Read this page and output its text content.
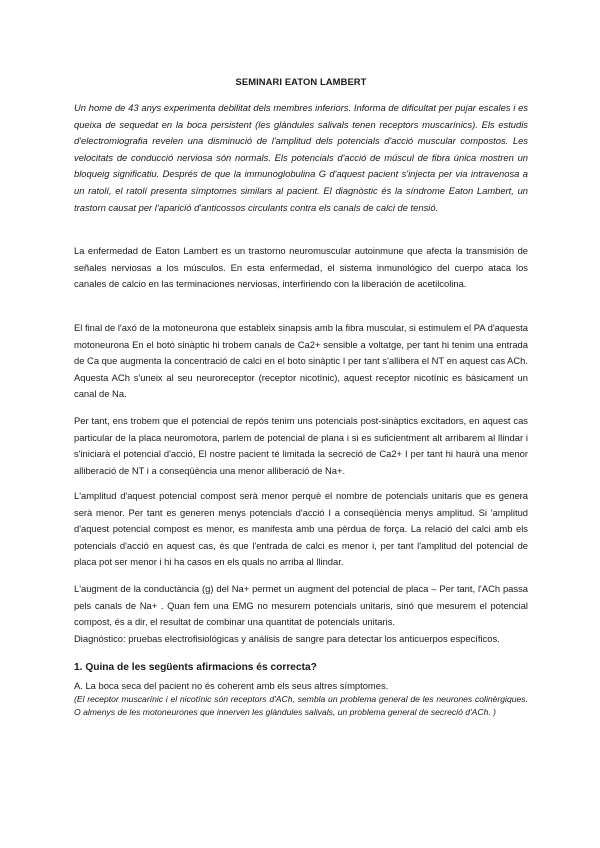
SEMINARI EATON LAMBERT

Un home de 43 anys experimenta debilitat dels membres inferiors. Informa de dificultat per pujar escales i es queixa de sequedat en la boca persistent (les glàndules salivals tenen receptors muscarínics). Els estudis d'electromiografia revelen una disminució de l'amplitud dels potencials d'acció muscular compostos. Les velocitats de conducció nerviosa són normals. Els potencials d'acció de múscul de fibra única mostren un bloqueig significatiu. Després de que la immunoglobulina G d'aquest pacient s'injecta per via intravenosa a un ratolí, el ratolí presenta símptomes similars al pacient. El diagnòstic és la síndrome Eaton Lambert, un trastorn causat per l'aparició d'anticossos circulants contra els canals de calci de tensió.

La enfermedad de Eaton Lambert es un trastorno neuromuscular autoinmune que afecta la transmisión de señales nerviosas a los músculos. En esta enfermedad, el sistema inmunológico del cuerpo ataca los canales de calcio en las terminaciones nerviosas, interfiriendo con la liberación de acetilcolina.

El final de l'axó de la motoneurona que estableix sinapsis amb la fibra muscular, si estimulem el PA d'aquesta motoneurona En el botó sinàptic hi trobem canals de Ca2+ sensible a voltatge, per tant hi tenim una entrada de Ca que augmenta la concentració de calci en el boto sinàptic I per tant s'allibera el NT en aquest cas ACh. Aquesta ACh s'uneix al seu neuroreceptor (receptor nicotínic), aquest receptor nicotínic es bàsicament un canal de Na.

Per tant, ens trobem que el potencial de repòs tenim uns potencials post-sinàptics excitadors, en aquest cas particular de la placa neuromotora, parlem de potencial de plana i si es suficientment alt arribarem al llindar i s'iniciarà el potencial d'acció, El nostre pacient té limitada la secreció de Ca2+ I per tant hi haurà una menor alliberació de NT i a conseqüència una menor alliberació de Na+.

L'amplitud d'aquest potencial compost serà menor perquè el nombre de potencials unitaris que es genera serà menor. Per tant es generen menys potencials d'acció I a conseqüència menys amplitud. Si 'amplitud d'aquest potencial compost es menor, es manifesta amb una pèrdua de força. La relació del calci amb els potencials d'acció en aquest cas, és que l'entrada de calci es menor i, per tant l'amplitud del potencial de placa pot ser menor i hi ha casos en els quals no arriba al llindar.

L'augment de la conductància (g) del Na+ permet un augment del potencial de placa – Per tant, l'ACh passa pels canals de Na+ . Quan fem una EMG no mesurem potencials unitaris, sinó que mesurem el potencial compost, és a dir, el resultat de combinar una quantitat de potencials unitaris.
Diagnóstico: pruebas electrofisiológicas y análisis de sangre para detectar los anticuerpos específicos.
1. Quina de les següents afirmacions és correcta?
A. La boca seca del pacient no és coherent amb els seus altres símptomes.
(El receptor muscarínic i el nicotínic són receptors d'ACh, sembla un problema general de les neurones colinèrgiques. O almenys de les motoneurones que innerven les glàndules salivals, un problema general de secreció d'ACh. )
